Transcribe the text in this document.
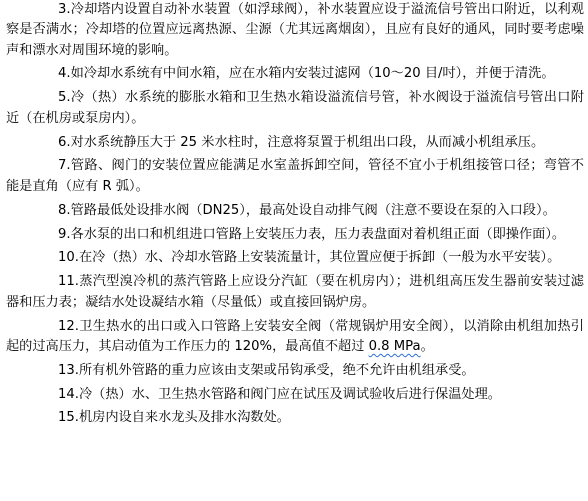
3.冷却塔内设置自动补水装置（如浮球阀），补水装置应设于溢流信号管出口附近，以利观察是否满水；冷却塔的位置应远离热源、尘源（尤其远离烟囱），且应有良好的通风，同时要考虑噪声和漂水对周围环境的影响。

4.如冷却水系统有中间水箱，应在水箱内安装过滤网（10～20 目/吋），并便于清洗。

5.冷（热）水系统的膨胀水箱和卫生热水箱设溢流信号管，补水阀设于溢流信号管出口附近（在机房或泵房内）。

6.对水系统静压大于 25 米水柱时，注意将泵置于机组出口段，从而减小机组承压。

7.管路、阀门的安装位置应能满足水室盖拆卸空间，管径不宜小于机组接管口径；弯管不能是直角（应有 R 弧）。

8.管路最低处设排水阀（DN25），最高处设自动排气阀（注意不要设在泵的入口段）。

9.各水泵的出口和机组进口管路上安装压力表，压力表盘面对着机组正面（即操作面）。

10.在冷（热）水、冷却水管路上安装流量计，其位置应便于拆卸（一般为水平安装）。

11.蒸汽型溴冷机的蒸汽管路上应设分汽缸（要在机房内）；进机组高压发生器前安装过滤器和压力表；凝结水处设凝结水箱（尽量低）或直接回锅炉房。

12.卫生热水的出口或入口管路上安装安全阀（常规锅炉用安全阀），以消除由机组加热引起的过高压力，其启动值为工作压力的 120%，最高值不超过 0.8 MPa。

13.所有机外管路的重力应该由支架或吊钩承受，绝不允许由机组承受。

14.冷（热）水、卫生热水管路和阀门应在试压及调试验收后进行保温处理。

15.机房内设自来水龙头及排水沟数处。
